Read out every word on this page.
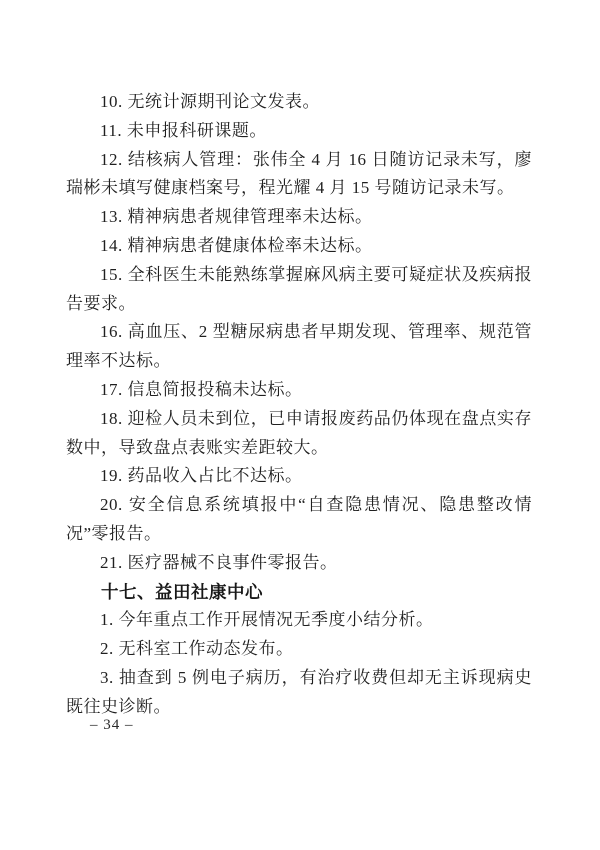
10. 无统计源期刊论文发表。

11. 未申报科研课题。

12. 结核病人管理：张伟全 4 月 16 日随访记录未写，廖瑞彬未填写健康档案号，程光耀 4 月 15 号随访记录未写。

13. 精神病患者规律管理率未达标。

14. 精神病患者健康体检率未达标。

15. 全科医生未能熟练掌握麻风病主要可疑症状及疾病报告要求。

16. 高血压、2 型糖尿病患者早期发现、管理率、规范管理率不达标。

17. 信息简报投稿未达标。

18. 迎检人员未到位，已申请报废药品仍体现在盘点实存数中，导致盘点表账实差距较大。

19. 药品收入占比不达标。

20. 安全信息系统填报中“自查隐患情况、隐患整改情况”零报告。

21. 医疗器械不良事件零报告。

十七、益田社康中心

1. 今年重点工作开展情况无季度小结分析。

2. 无科室工作动态发布。

3. 抽查到 5 例电子病历，有治疗收费但却无主诉现病史既往史诊断。

– 34 –
